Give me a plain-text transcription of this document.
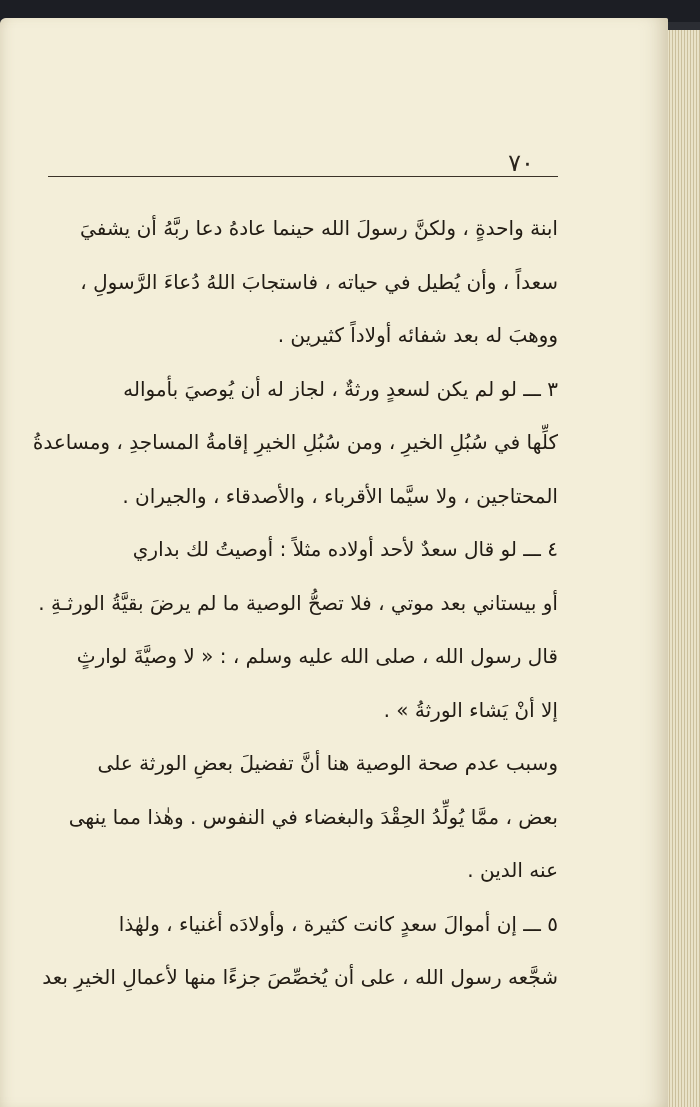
٧٠
ابنة واحدةٍ ، ولكنَّ رسولَ الله حينما عادهُ دعا ربَّهُ أن يشفيَ
سعداً ، وأن يُطيل في حياته ، فاستجابَ اللهُ دُعاءَ الرَّسولِ ،
ووهبَ له بعد شفائه أولاداً كثيرين .
٣ ـــ لو لم يكن لسعدٍ ورثةٌ ، لجاز له أن يُوصيَ بأمواله
كلِّها في سُبُلِ الخيرِ ، ومن سُبُلِ الخيرِ إقامةُ المساجدِ ، ومساعدةُ
المحتاجين ، ولا سيَّما الأقرباء ، والأصدقاء ، والجيران .
٤ ـــ لو قال سعدٌ لأحد أولاده مثلاً : أوصيتُ لك بداري
أو بيستاني بعد موتي ، فلا تصحُّ الوصية ما لم يرضَ بقيَّةُ الورثـةِ .
قال رسول الله ، صلى الله عليه وسلم ، : « لا وصيَّةَ لوارثٍ
إلا أنْ يَشاء الورثةُ » .
وسبب عدم صحة الوصية هنا أنَّ تفضيلَ بعضِ الورثة على
بعض ، ممَّا يُولِّدُ الحِقْدَ والبغضاء في النفوس . وهٰذا مما ينهى
عنه الدين .
٥ ـــ إن أموالَ سعدٍ كانت كثيرة ، وأولادَه أغنياء ، ولهٰذا
شجَّعه رسول الله ، على أن يُخصِّصَ جزءًا منها لأعمالِ الخيرِ بعد
